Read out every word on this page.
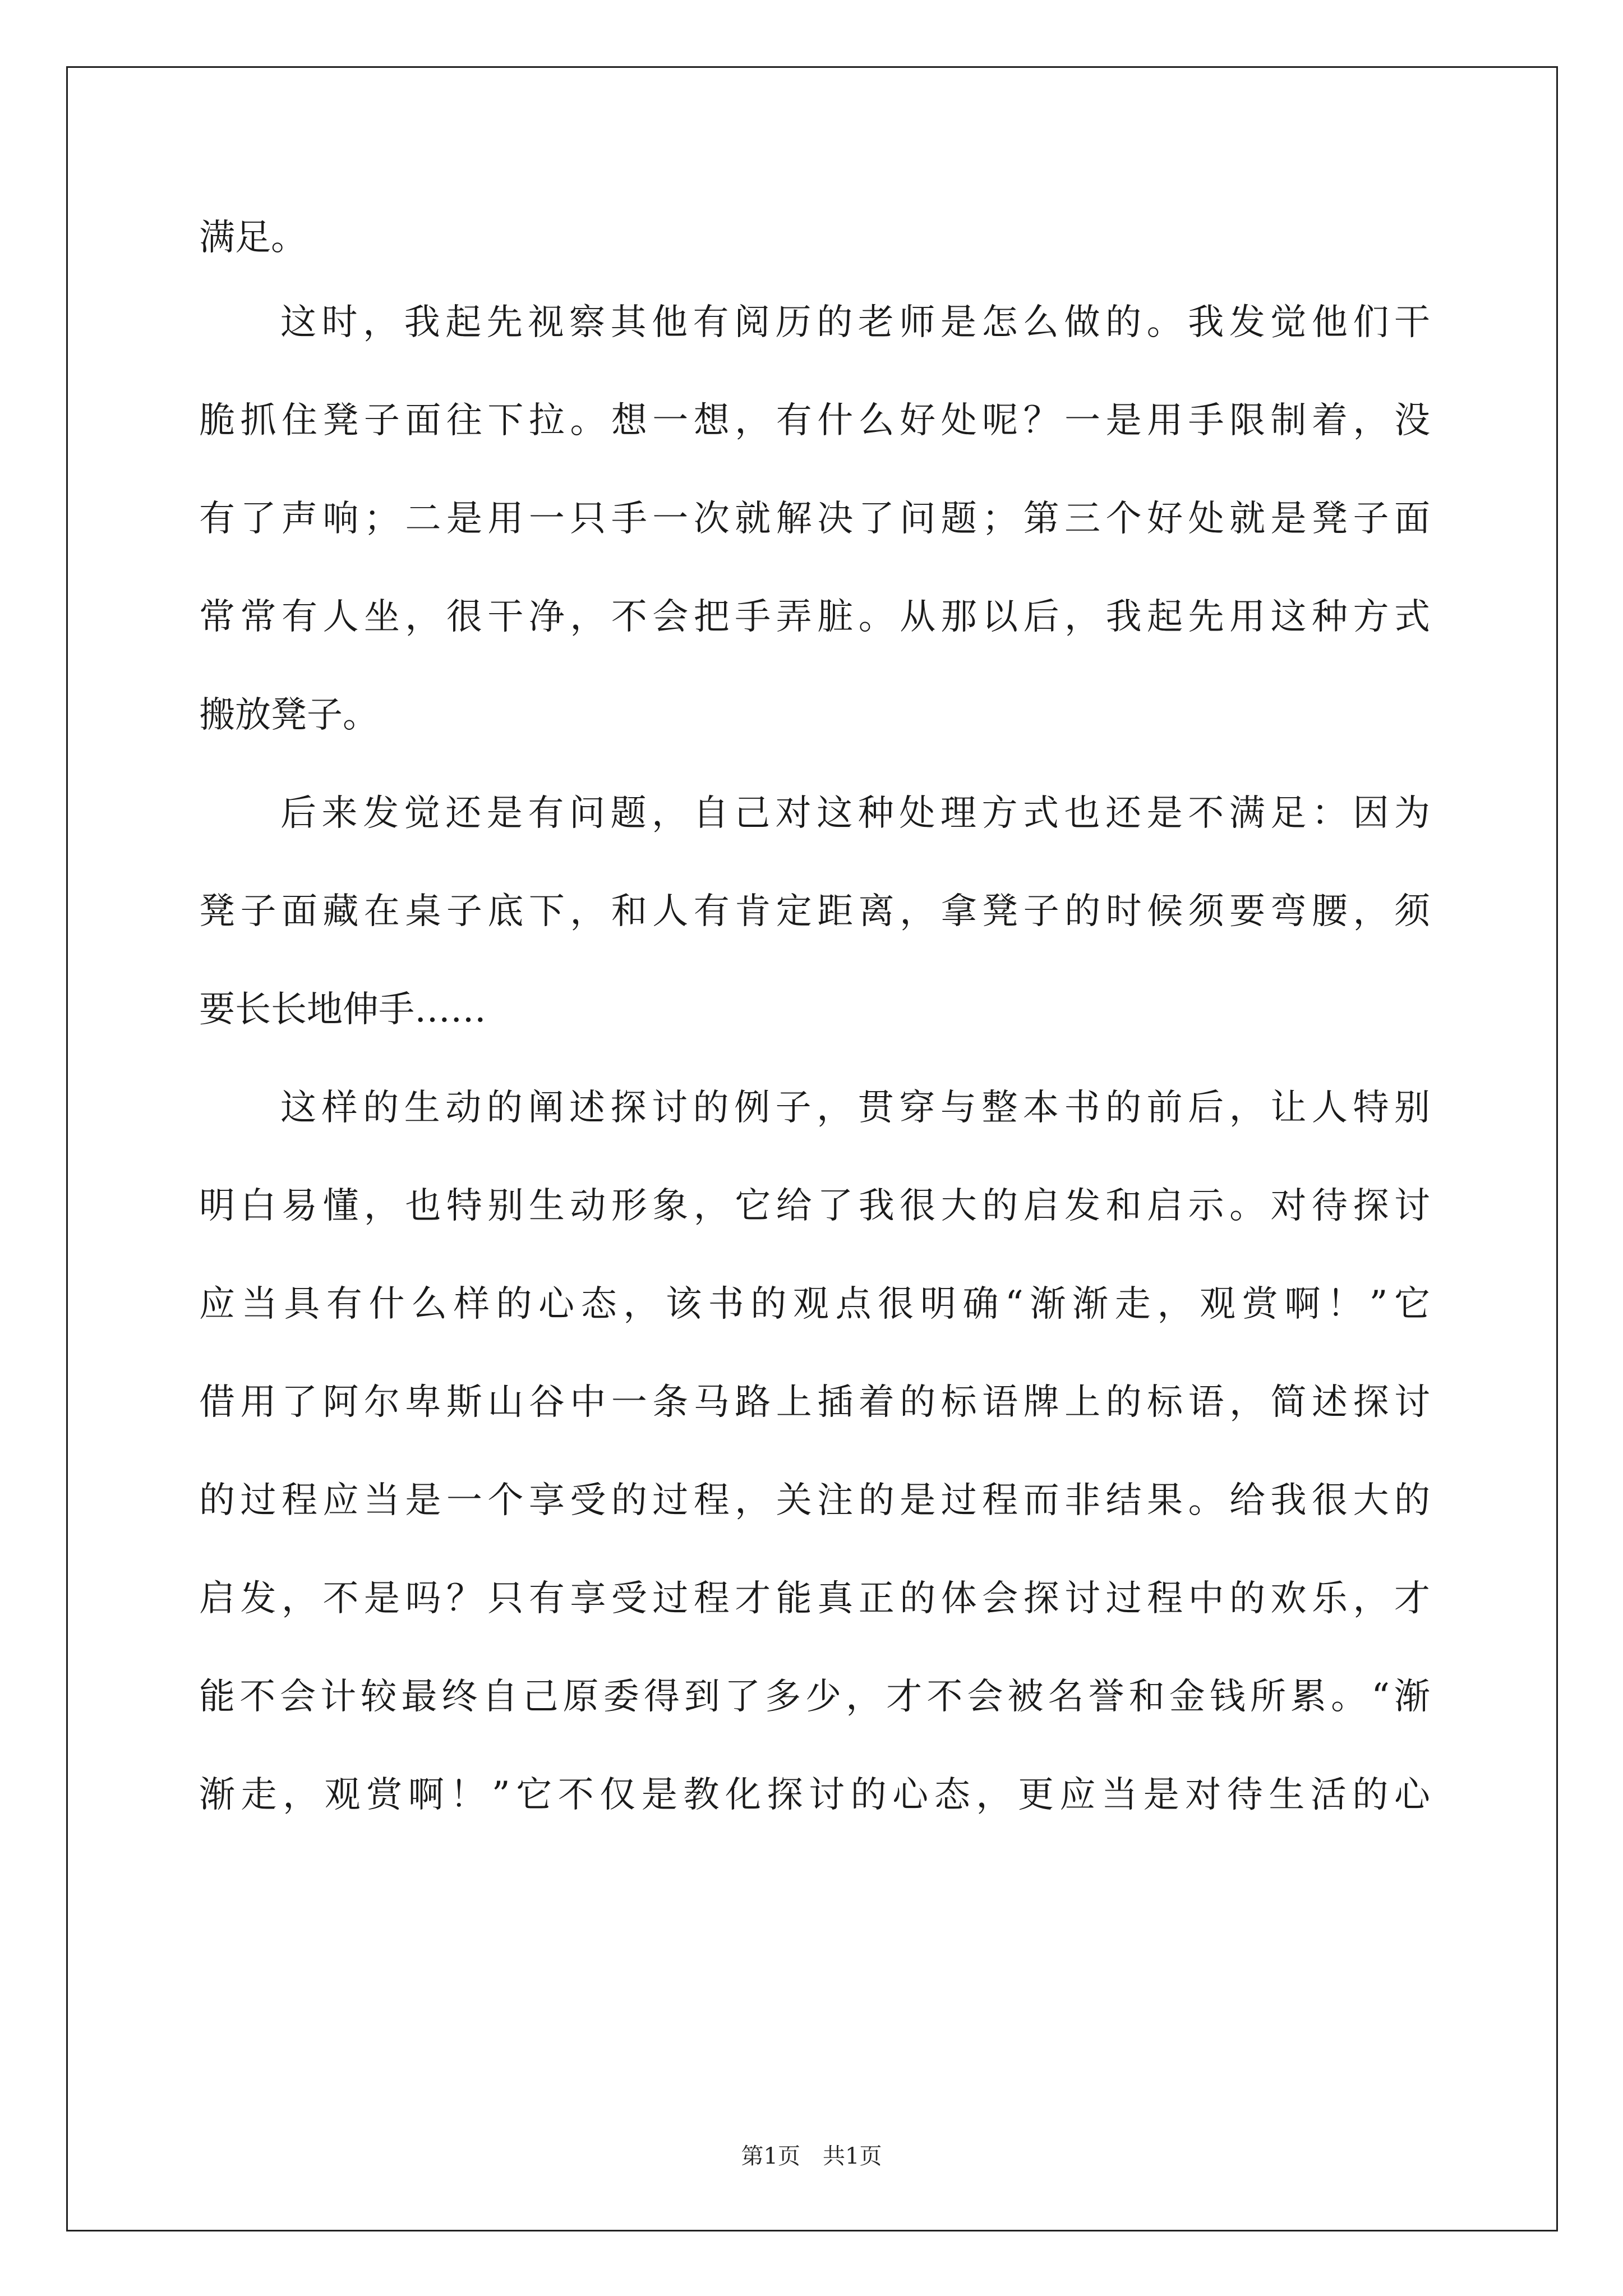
满足。
这时，我起先视察其他有阅历的老师是怎么做的。我发觉他们干
脆抓住凳子面往下拉。想一想，有什么好处呢？一是用手限制着，没
有了声响；二是用一只手一次就解决了问题；第三个好处就是凳子面
常常有人坐，很干净，不会把手弄脏。从那以后，我起先用这种方式
搬放凳子。
后来发觉还是有问题，自己对这种处理方式也还是不满足：因为
凳子面藏在桌子底下，和人有肯定距离，拿凳子的时候须要弯腰，须
要长长地伸手……
这样的生动的阐述探讨的例子，贯穿与整本书的前后，让人特别
明白易懂，也特别生动形象，它给了我很大的启发和启示。对待探讨
应当具有什么样的心态，该书的观点很明确“渐渐走，观赏啊！”它
借用了阿尔卑斯山谷中一条马路上插着的标语牌上的标语，简述探讨
的过程应当是一个享受的过程，关注的是过程而非结果。给我很大的
启发，不是吗？只有享受过程才能真正的体会探讨过程中的欢乐，才
能不会计较最终自己原委得到了多少，才不会被名誉和金钱所累。“渐
渐走，观赏啊！”它不仅是教化探讨的心态，更应当是对待生活的心
第1页 共1页
